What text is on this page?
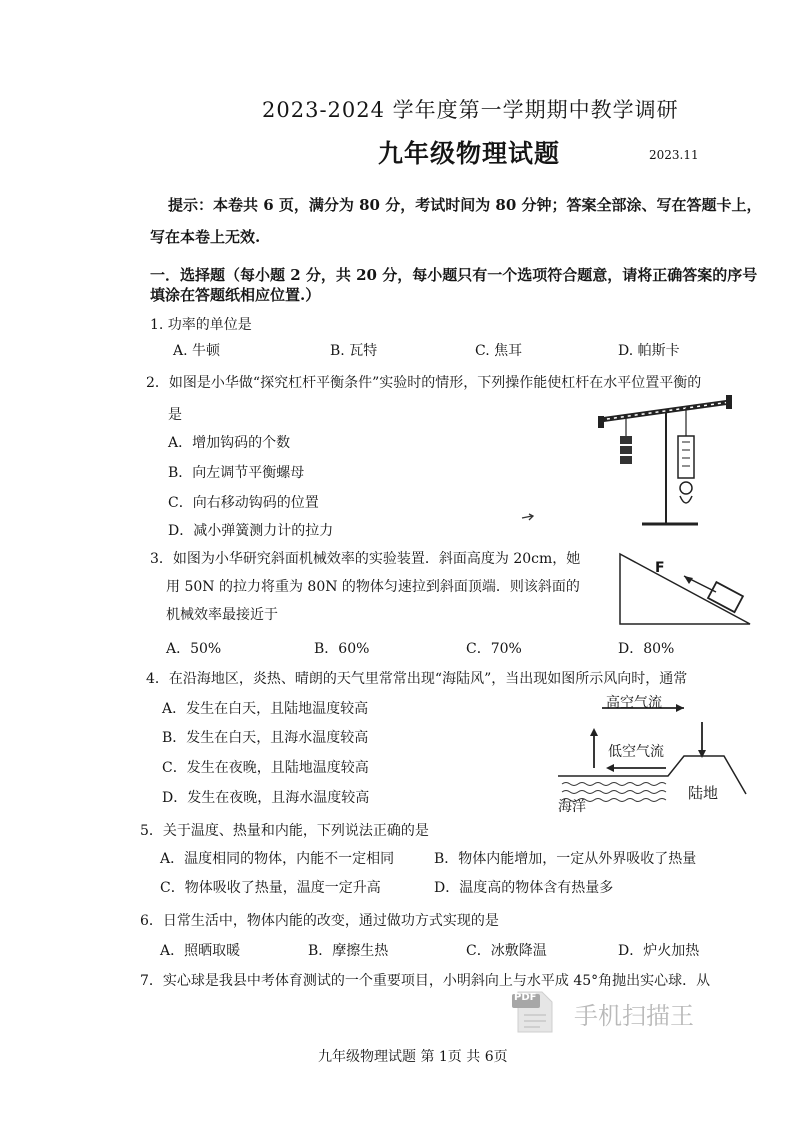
2023-2024 学年度第一学期期中教学调研
九年级物理试题	2023.11
提示：本卷共 6 页，满分为 80 分，考试时间为 80 分钟；答案全部涂、写在答题卡上，
写在本卷上无效.
一．选择题（每小题 2 分，共 20 分，每小题只有一个选项符合题意，请将正确答案的序号
填涂在答题纸相应位置.）
1. 功率的单位是
A. 牛顿	B. 瓦特	C. 焦耳	D. 帕斯卡
2．如图是小华做“探究杠杆平衡条件”实验时的情形，下列操作能使杠杆在水平位置平衡的
是
A．增加钩码的个数
B．向左调节平衡螺母
C．向右移动钩码的位置
D．减小弹簧测力计的拉力
3．如图为小华研究斜面机械效率的实验装置．斜面高度为 20cm，她
用 50N 的拉力将重为 80N 的物体匀速拉到斜面顶端．则该斜面的
机械效率最接近于
A．50%	B．60%	C．70%	D．80%
F
4．在沿海地区，炎热、晴朗的天气里常常出现“海陆风”，当出现如图所示风向时，通常
A．发生在白天，且陆地温度较高
B．发生在白天，且海水温度较高
C．发生在夜晚，且陆地温度较高
D．发生在夜晚，且海水温度较高
高空气流
低空气流
海洋
陆地
5．关于温度、热量和内能，下列说法正确的是
A．温度相同的物体，内能不一定相同	B．物体内能增加，一定从外界吸收了热量
C．物体吸收了热量，温度一定升高	D．温度高的物体含有热量多
6．日常生活中，物体内能的改变，通过做功方式实现的是
A．照晒取暖	B．摩擦生热	C．冰敷降温	D．炉火加热
7．实心球是我县中考体育测试的一个重要项目，小明斜向上与水平成 45°角抛出实心球．从
PDF
手机扫描王
九年级物理试题 第 1页 共 6页
